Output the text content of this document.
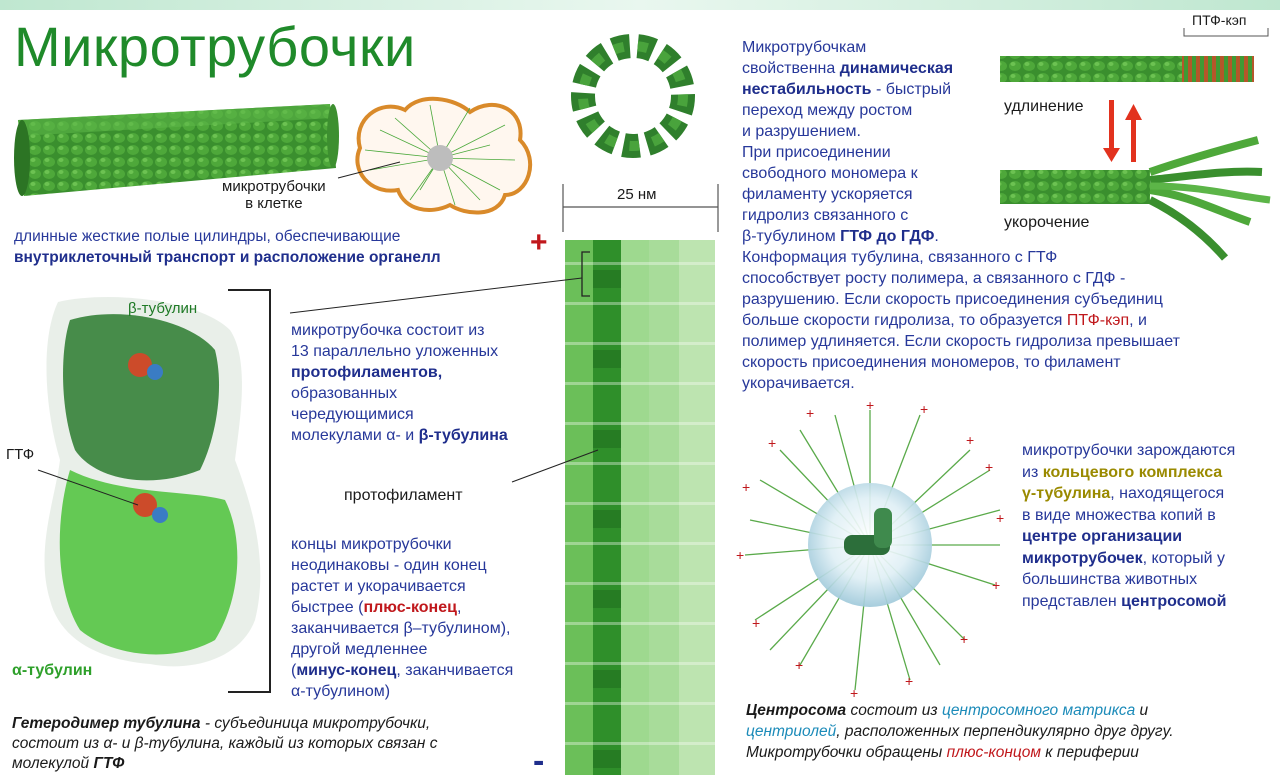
Микротрубочки
+	+
+
+
+
+
+
+
+
+
+
+
+
+
+
микротрубочки
в клетке
длинные жесткие полые цилиндры, обеспечивающие
внутриклеточный транспорт и расположение органелл
β-тубулин
ГТФ
α-тубулин
Гетеродимер тубулина - субъединица микротрубочки,
состоит из α- и β-тубулина, каждый из которых связан с
молекулой ГТФ
микротрубочка состоит из
13 параллельно уложенных
протофиламентов,
образованных
чередующимися
молекулами α- и β-тубулина
протофиламент
25 нм
+
-
концы микротрубочки
неодинаковы - один конец
растет и укорачивается
быстрее (плюс-конец,
заканчивается β–тубулином),
другой медленнее
(минус-конец, заканчивается
α-тубулином)
Микротрубочкам
свойственна динамическая
нестабильность - быстрый
переход между ростом
и разрушением.
При присоединении
свободного мономера к
филаменту ускоряется
гидролиз связанного с
β-тубулином ГТФ до ГДФ.
Конформация тубулина, связанного с ГТФ
способствует росту полимера, а связанного с ГДФ -
разрушению. Если скорость присоединения субъединиц
больше скорости гидролиза, то образуется ПТФ-кэп, и
полимер удлиняется. Если скорость гидролиза превышает
скорость присоединения мономеров, то филамент
укорачивается.
ПТФ-кэп
удлинение
укорочение
микротрубочки зарождаются
из кольцевого комплекса
γ-тубулина, находящегося
в виде множества копий в
центре организации
микротрубочек, который у
большинства животных
представлен центросомой
Центросома состоит из центросомного матрикса и
центриолей, расположенных перпендикулярно друг другу.
Микротрубочки обращены плюс-концом к периферии
